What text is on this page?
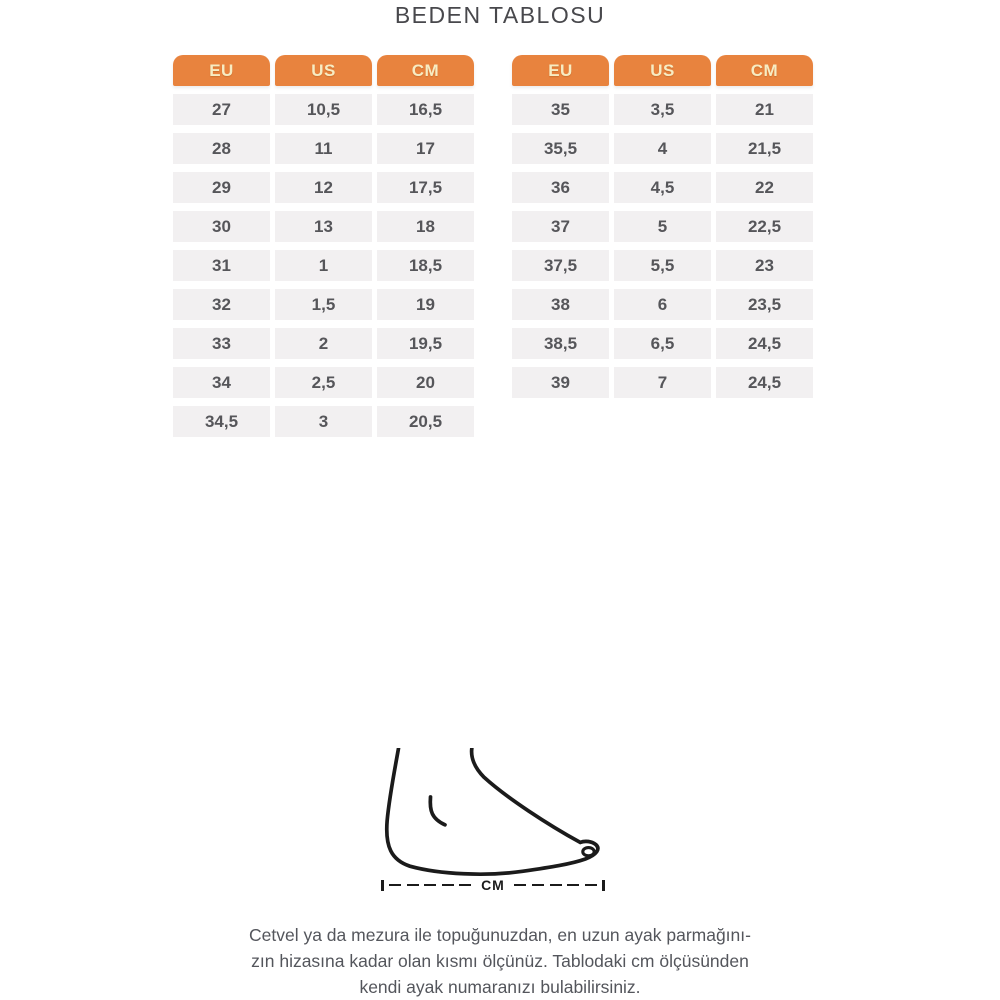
BEDEN TABLOSU
EU	US	CM
27	10,5	16,5
28	11	17
29	12	17,5
30	13	18
31	1	18,5
32	1,5	19
33	2	19,5
34	2,5	20
34,5	3	20,5
EU	US	CM
35	3,5	21
35,5	4	21,5
36	4,5	22
37	5	22,5
37,5	5,5	23
38	6	23,5
38,5	6,5	24,5
39	7	24,5
CM
Cetvel ya da mezura ile topuğunuzdan, en uzun ayak parmağını-
zın hizasına kadar olan kısmı ölçünüz. Tablodaki cm ölçüsünden
kendi ayak numaranızı bulabilirsiniz.
